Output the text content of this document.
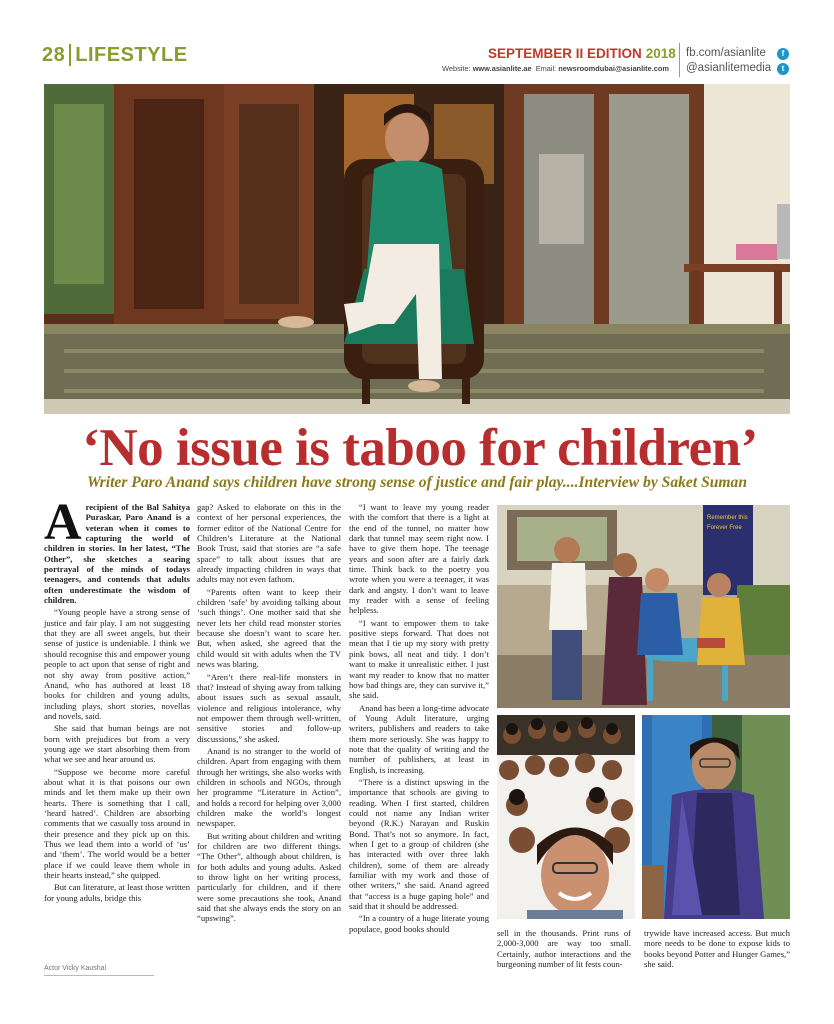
28 LIFESTYLE	SEPTEMBER II EDITION 2018
Website: www.asianlite.ae Email: newsroomdubai@asianlite.com
fb.com/asianlite
@asianlitemedia
f
t
‘No issue is taboo for children’
Writer Paro Anand says children have strong sense of justice and fair play....Interview by Saket Suman

Arecipient of the Bal Sahitya Puraskar, Paro Anand is a veteran when it comes to capturing the world of children in stories. In her latest, “The Other”, she sketches a searing portrayal of the minds of todays teenagers, and contends that adults often underestimate the wisdom of children.

“Young people have a strong sense of justice and fair play. I am not suggesting that they are all sweet angels, but their sense of justice is undeniable. I think we should recognise this and empower young people to act upon that sense of right and not shy away from positive action,” Anand, who has authored at least 18 books for children and young adults, including plays, short stories, novellas and novels, said.

She said that human beings are not born with prejudices but from a very young age we start absorbing them from what we see and hear around us.

“Suppose we become more careful about what it is that poisons our own minds and let them make up their own hearts. There is something that I call, ‘heard hatred’. Children are absorbing comments that we casually toss around in their presence and they pick up on this. Thus we lead them into a world of ‘us’ and ‘them’. The world would be a better place if we could leave them whole in their hearts instead,” she quipped.

But can literature, at least those written for young adults, bridge this

gap? Asked to elaborate on this in the context of her personal experiences, the former editor of the National Centre for Children’s Literature at the National Book Trust, said that stories are “a safe space” to talk about issues that are already impacting children in ways that adults may not even fathom.

“Parents often want to keep their children ‘safe’ by avoiding talking about ‘such things’. One mother said that she never lets her child read monster stories because she doesn’t want to scare her. But, when asked, she agreed that the child would sit with adults when the TV news was blaring.

“Aren’t there real-life monsters in that? Instead of shying away from talking about issues such as sexual assault, violence and religious intolerance, why not empower them through well-written, sensitive stories and follow-up discussions,” she asked.

Anand is no stranger to the world of children. Apart from engaging with them through her writings, she also works with children in schools and NGOs, through her programme “Literature in Action”, and holds a record for helping over 3,000 children make the world’s longest newspaper.

But writing about children and writing for children are two different things. “The Other”, although about children, is for both adults and young adults. Asked to throw light on her writing process, particularly for children, and if there were some precautions she took, Anand said that she always ends the story on an “upswing”.

“I want to leave my young reader with the comfort that there is a light at the end of the tunnel, no matter how dark that tunnel may seem right now. I have to give them hope. The teenage years and soon after are a fairly dark time. Think back to the poetry you wrote when you were a teenager, it was dark and angsty. I don’t want to leave my reader with a sense of feeling helpless.

“I want to empower them to take positive steps forward. That does not mean that I tie up my story with pretty pink bows, all neat and tidy. I don’t want to make it unrealistic either. I just want my reader to know that no matter how bad things are, they can survive it,” she said.

Anand has been a long-time advocate of Young Adult literature, urging writers, publishers and readers to take them more seriously. She was happy to note that the quality of writing and the number of publishers, at least in English, is increasing.

“There is a distinct upswing in the importance that schools are giving to reading. When I first started, children could not name any Indian writer beyond (R.K.) Narayan and Ruskin Bond. That’s not so anymore. In fact, when I get to a group of children (she has interacted with over three lakh children), some of them are already familiar with my work and those of other writers,” she said. Anand agreed that “access is a huge gaping hole” and said that it should be addressed.

“In a country of a huge literate young populace, good books should

Remember this
Forever Free
sell in the thousands. Print runs of 2,000-3,000 are way too small. Certainly, author interactions and the burgeoning number of lit fests coun-
trywide have increased access. But much more needs to be done to expose kids to books beyond Potter and Hunger Games,” she said.
Actor Vicky Kaushal
